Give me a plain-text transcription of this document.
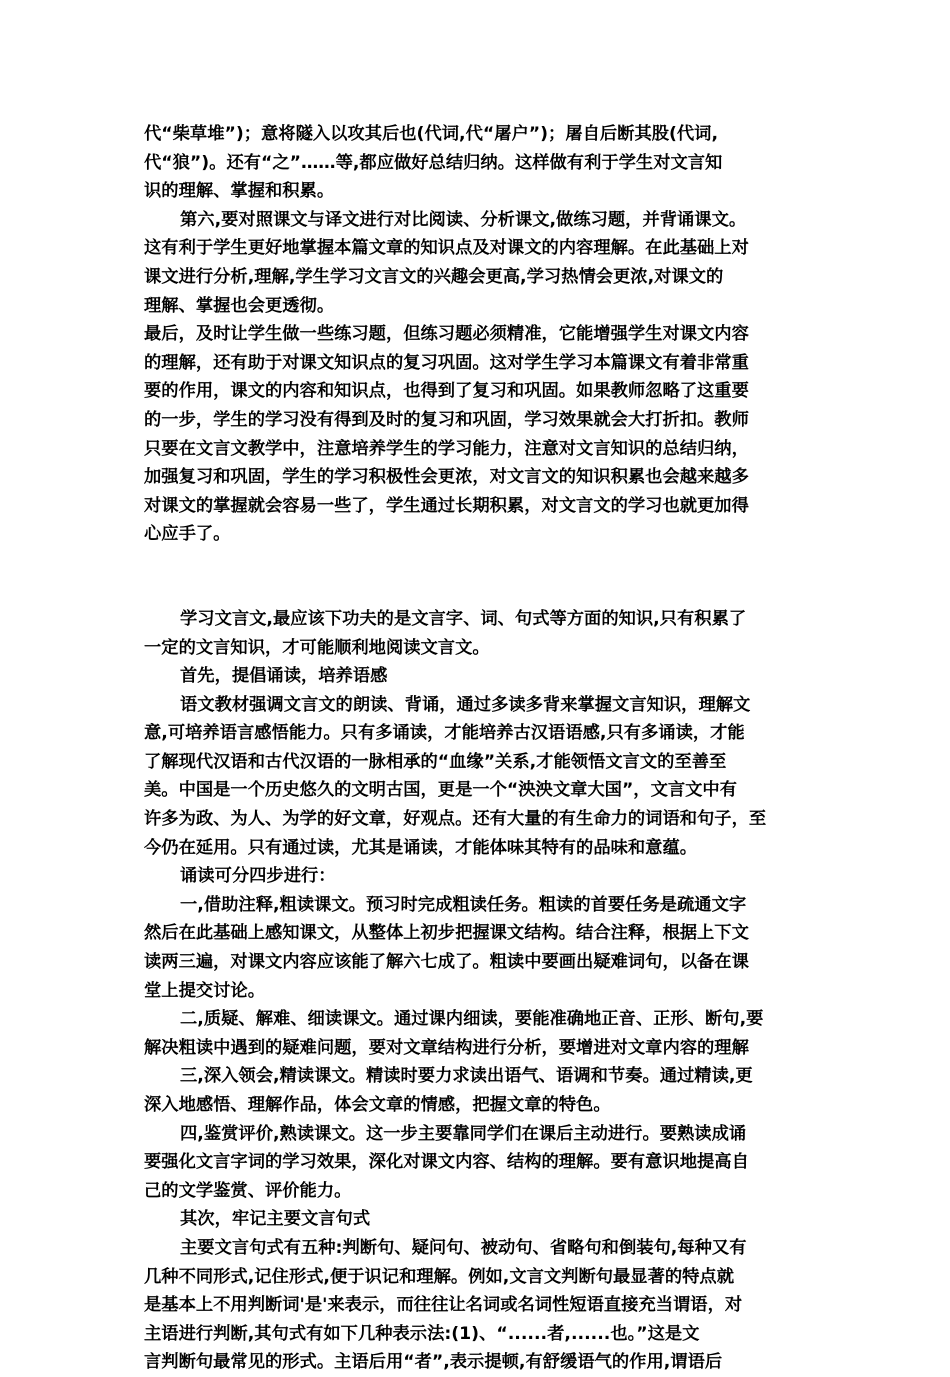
代“柴草堆”)；意将隧入以攻其后也(代词,代“屠户”)；屠自后断其股(代词,
代“狼”)。还有“之”……等,都应做好总结归纳。这样做有利于学生对文言知
识的理解、掌握和积累。
第六,要对照课文与译文进行对比阅读、分析课文,做练习题，并背诵课文。
这有利于学生更好地掌握本篇文章的知识点及对课文的内容理解。在此基础上对
课文进行分析,理解,学生学习文言文的兴趣会更高,学习热情会更浓,对课文的
理解、掌握也会更透彻。
最后，及时让学生做一些练习题，但练习题必须精准，它能增强学生对课文内容
的理解，还有助于对课文知识点的复习巩固。这对学生学习本篇课文有着非常重
要的作用，课文的内容和知识点，也得到了复习和巩固。如果教师忽略了这重要
的一步，学生的学习没有得到及时的复习和巩固，学习效果就会大打折扣。教师
只要在文言文教学中，注意培养学生的学习能力，注意对文言知识的总结归纳，
加强复习和巩固，学生的学习积极性会更浓，对文言文的知识积累也会越来越多
对课文的掌握就会容易一些了，学生通过长期积累，对文言文的学习也就更加得
心应手了。
学习文言文,最应该下功夫的是文言字、词、句式等方面的知识,只有积累了
一定的文言知识，才可能顺利地阅读文言文。
首先，提倡诵读，培养语感
语文教材强调文言文的朗读、背诵，通过多读多背来掌握文言知识，理解文
意,可培养语言感悟能力。只有多诵读，才能培养古汉语语感,只有多诵读，才能
了解现代汉语和古代汉语的一脉相承的“血缘”关系,才能领悟文言文的至善至
美。中国是一个历史悠久的文明古国，更是一个“泱泱文章大国”，文言文中有
许多为政、为人、为学的好文章，好观点。还有大量的有生命力的词语和句子，至
今仍在延用。只有通过读，尤其是诵读，才能体味其特有的品味和意蕴。
诵读可分四步进行：
一,借助注释,粗读课文。预习时完成粗读任务。粗读的首要任务是疏通文字
然后在此基础上感知课文，从整体上初步把握课文结构。结合注释，根据上下文
读两三遍，对课文内容应该能了解六七成了。粗读中要画出疑难词句，以备在课
堂上提交讨论。
二,质疑、解难、细读课文。通过课内细读，要能准确地正音、正形、断句,要
解决粗读中遇到的疑难问题，要对文章结构进行分析，要增进对文章内容的理解
三,深入领会,精读课文。精读时要力求读出语气、语调和节奏。通过精读,更
深入地感悟、理解作品，体会文章的情感，把握文章的特色。
四,鉴赏评价,熟读课文。这一步主要靠同学们在课后主动进行。要熟读成诵
要强化文言字词的学习效果，深化对课文内容、结构的理解。要有意识地提高自
己的文学鉴赏、评价能力。
其次，牢记主要文言句式
主要文言句式有五种:判断句、疑问句、被动句、省略句和倒装句,每种又有
几种不同形式,记住形式,便于识记和理解。例如,文言文判断句最显著的特点就
是基本上不用判断词'是'来表示，而往往让名词或名词性短语直接充当谓语，对
主语进行判断,其句式有如下几种表示法:(1)、“......者,......也。”这是文
言判断句最常见的形式。主语后用“者”,表示提顿,有舒缓语气的作用,谓语后
